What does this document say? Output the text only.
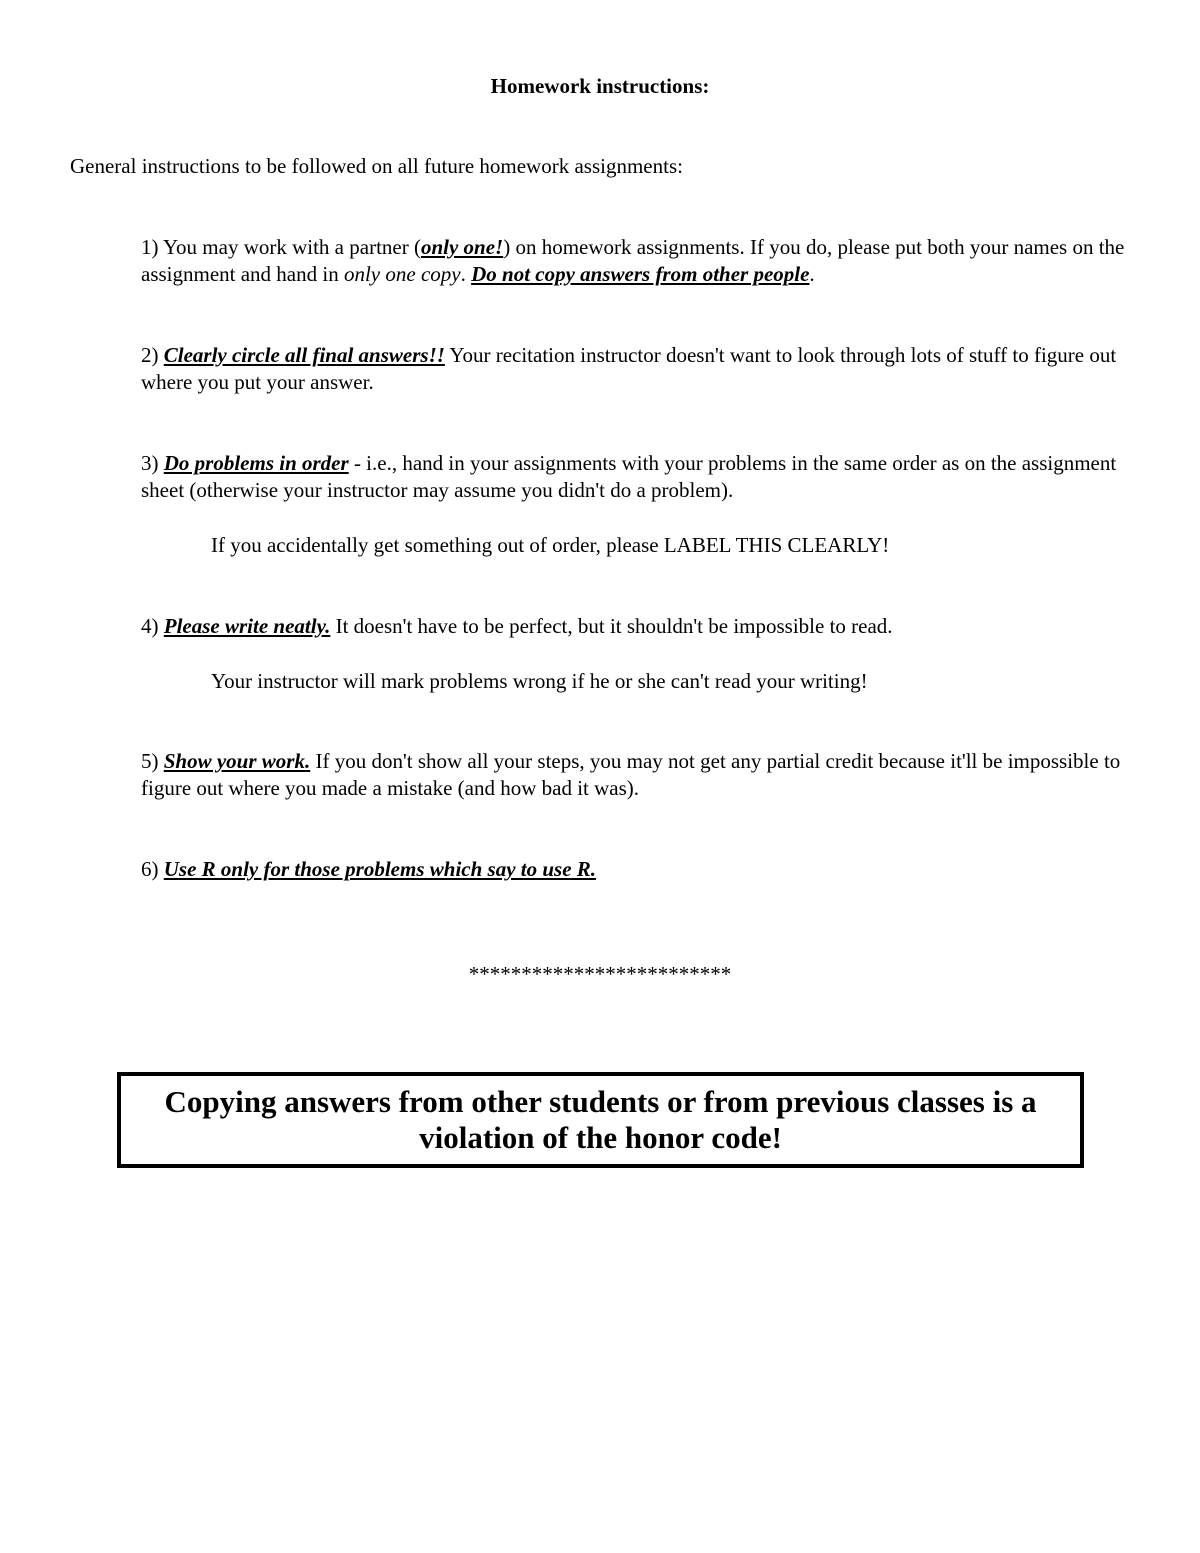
Homework instructions:
General instructions to be followed on all future homework assignments:
1) You may work with a partner (only one!) on homework assignments. If you do, please put both your names on the assignment and hand in only one copy. Do not copy answers from other people.
2) Clearly circle all final answers!! Your recitation instructor doesn't want to look through lots of stuff to figure out where you put your answer.
3) Do problems in order - i.e., hand in your assignments with your problems in the same order as on the assignment sheet (otherwise your instructor may assume you didn't do a problem).
If you accidentally get something out of order, please LABEL THIS CLEARLY!
4) Please write neatly. It doesn't have to be perfect, but it shouldn't be impossible to read.
Your instructor will mark problems wrong if he or she can't read your writing!
5) Show your work. If you don't show all your steps, you may not get any partial credit because it'll be impossible to figure out where you made a mistake (and how bad it was).
6) Use R only for those problems which say to use R.
*************************
Copying answers from other students or from previous classes is a violation of the honor code!
